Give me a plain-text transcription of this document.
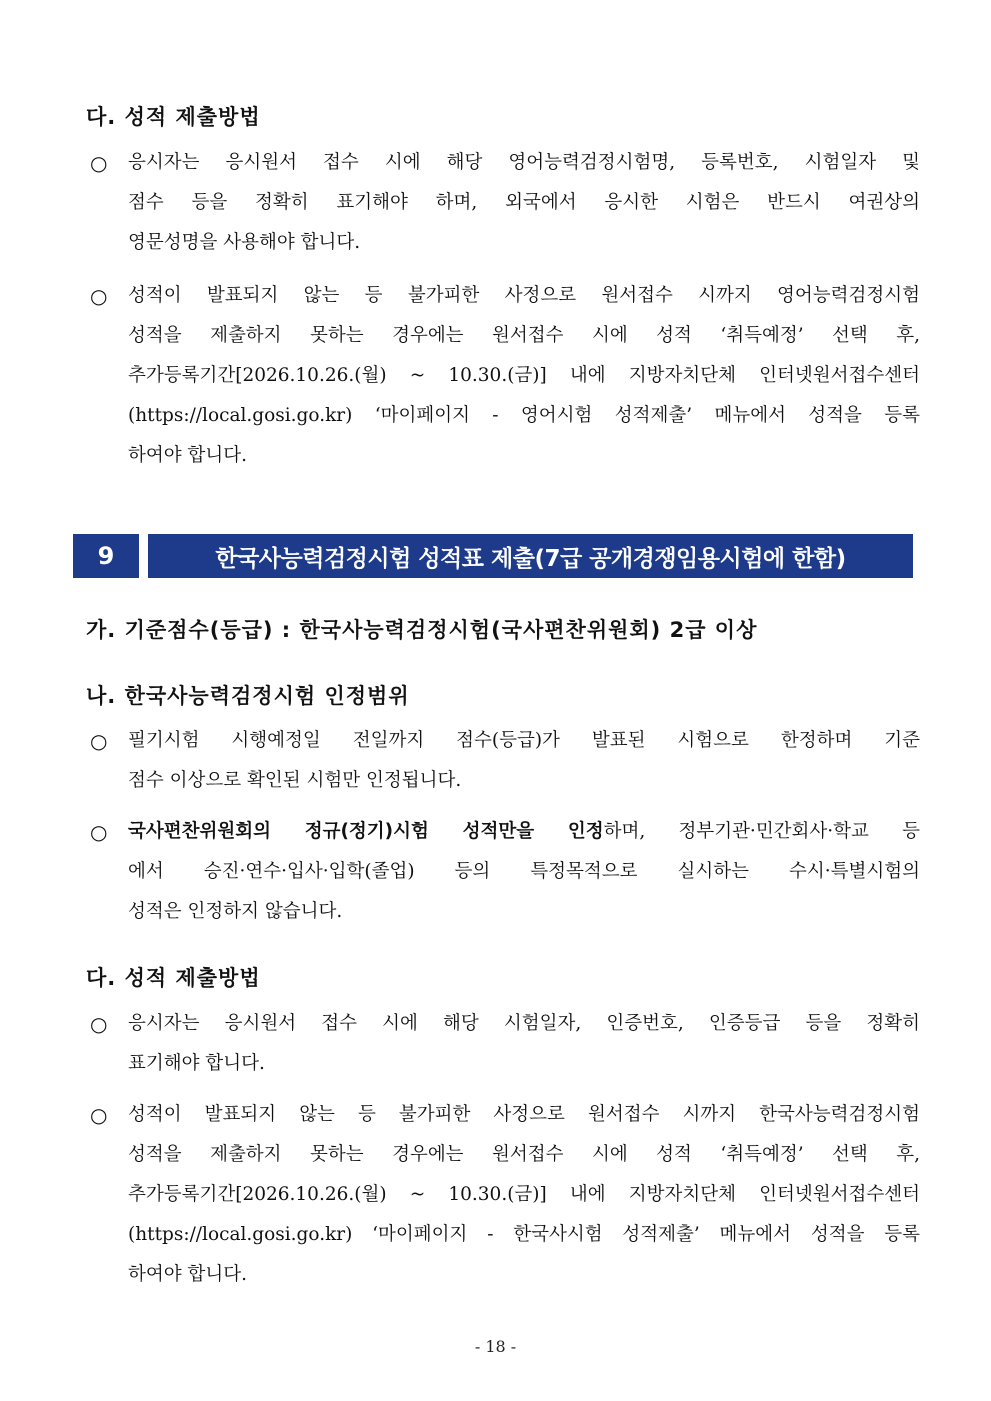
다. 성적 제출방법
○	응시자는 응시원서 접수 시에 해당 영어능력검정시험명, 등록번호, 시험일자 및
점수 등을 정확히 표기해야 하며, 외국에서 응시한 시험은 반드시 여권상의
영문성명을 사용해야 합니다.
○	성적이 발표되지 않는 등 불가피한 사정으로 원서접수 시까지 영어능력검정시험
성적을 제출하지 못하는 경우에는 원서접수 시에 성적 ‘취득예정’ 선택 후,
추가등록기간[2026.10.26.(월) ~ 10.30.(금)] 내에 지방자치단체 인터넷원서접수센터
(https://local.gosi.go.kr) ‘마이페이지 - 영어시험 성적제출’ 메뉴에서 성적을 등록
하여야 합니다.
9	한국사능력검정시험 성적표 제출(7급 공개경쟁임용시험에 한함)
가. 기준점수(등급) : 한국사능력검정시험(국사편찬위원회) 2급 이상
나. 한국사능력검정시험 인정범위
○	필기시험 시행예정일 전일까지 점수(등급)가 발표된 시험으로 한정하며 기준
점수 이상으로 확인된 시험만 인정됩니다.
○	국사편찬위원회의 정규(정기)시험 성적만을 인정하며, 정부기관·민간회사·학교 등
에서 승진·연수·입사·입학(졸업) 등의 특정목적으로 실시하는 수시·특별시험의
성적은 인정하지 않습니다.
다. 성적 제출방법
○	응시자는 응시원서 접수 시에 해당 시험일자, 인증번호, 인증등급 등을 정확히
표기해야 합니다.
○	성적이 발표되지 않는 등 불가피한 사정으로 원서접수 시까지 한국사능력검정시험
성적을 제출하지 못하는 경우에는 원서접수 시에 성적 ‘취득예정’ 선택 후,
추가등록기간[2026.10.26.(월) ~ 10.30.(금)] 내에 지방자치단체 인터넷원서접수센터
(https://local.gosi.go.kr) ‘마이페이지 - 한국사시험 성적제출’ 메뉴에서 성적을 등록
하여야 합니다.
- 18 -
